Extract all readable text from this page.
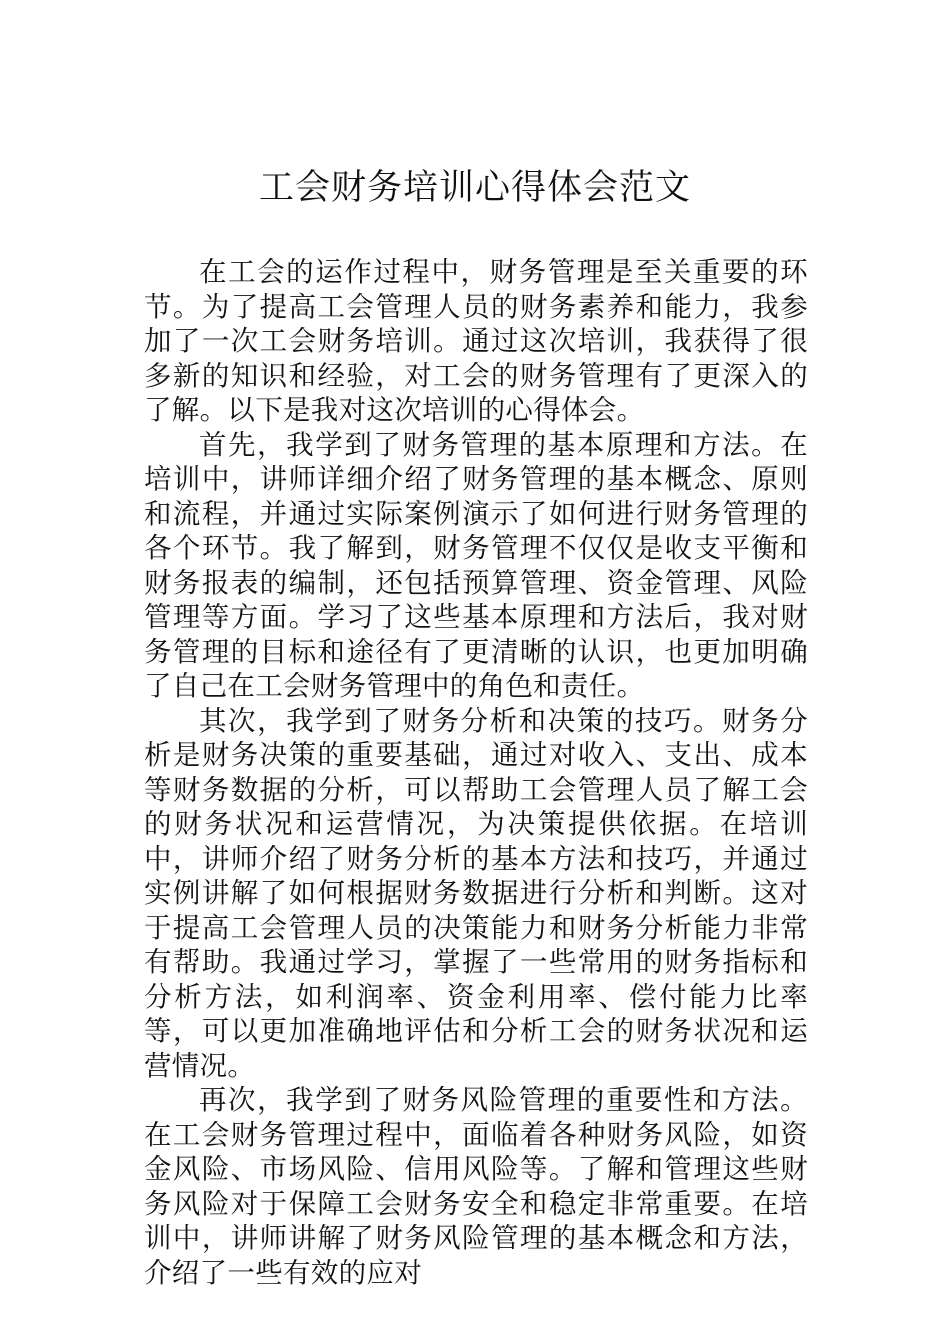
工会财务培训心得体会范文

在工会的运作过程中，财务管理是至关重要的环节。为了提高工会管理人员的财务素养和能力，我参加了一次工会财务培训。通过这次培训，我获得了很多新的知识和经验，对工会的财务管理有了更深入的了解。以下是我对这次培训的心得体会。

首先，我学到了财务管理的基本原理和方法。在培训中，讲师详细介绍了财务管理的基本概念、原则和流程，并通过实际案例演示了如何进行财务管理的各个环节。我了解到，财务管理不仅仅是收支平衡和财务报表的编制，还包括预算管理、资金管理、风险管理等方面。学习了这些基本原理和方法后，我对财务管理的目标和途径有了更清晰的认识，也更加明确了自己在工会财务管理中的角色和责任。

其次，我学到了财务分析和决策的技巧。财务分析是财务决策的重要基础，通过对收入、支出、成本等财务数据的分析，可以帮助工会管理人员了解工会的财务状况和运营情况，为决策提供依据。在培训中，讲师介绍了财务分析的基本方法和技巧，并通过实例讲解了如何根据财务数据进行分析和判断。这对于提高工会管理人员的决策能力和财务分析能力非常有帮助。我通过学习，掌握了一些常用的财务指标和分析方法，如利润率、资金利用率、偿付能力比率等，可以更加准确地评估和分析工会的财务状况和运营情况。

再次，我学到了财务风险管理的重要性和方法。在工会财务管理过程中，面临着各种财务风险，如资金风险、市场风险、信用风险等。了解和管理这些财务风险对于保障工会财务安全和稳定非常重要。在培训中，讲师讲解了财务风险管理的基本概念和方法，介绍了一些有效的应对
